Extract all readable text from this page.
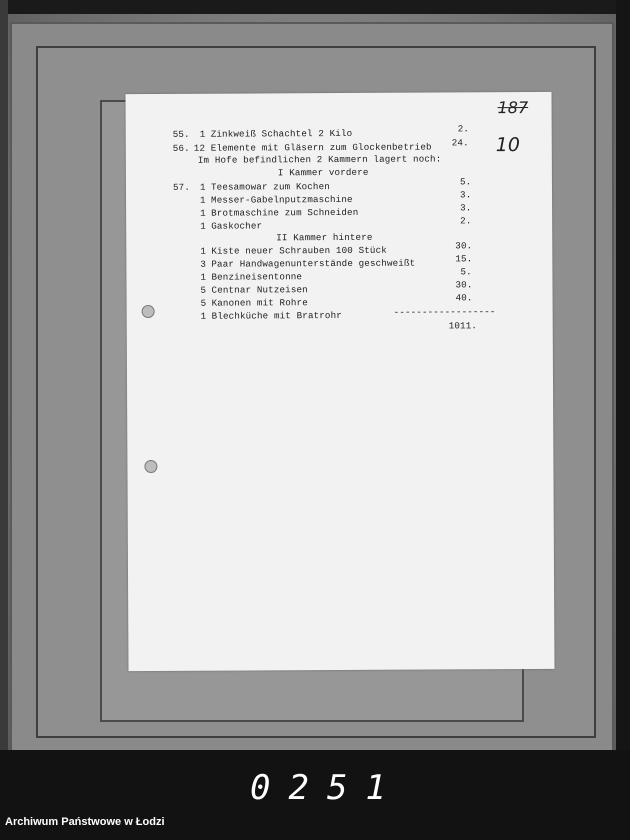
55. 1 Zinkweiß Schachtel 2 Kilo	2.
56. 12 Elemente mit Gläsern zum Glockenbetrieb 24.
Im Hofe befindlichen 2 Kammern lagert noch:
I Kammer vordere
57. 1 Teesamowar zum Kochen	5.
1 Messer-Gabelnputzmaschine	3.
1 Brotmaschine zum Schneiden	3.
1 Gaskocher	2.
II Kammer hintere
1 Kiste neuer Schrauben 100 Stück	30.
3 Paar Handwagenunterstände geschweißt	15.
1 Benzineisentonne	5.
5 Centnar Nutzeisen	30.
5 Kanonen mit Rohre	40.
1 Blechküche mit Bratrohr	------------------
1011.
187
10
0251
Archiwum Państwowe w Łodzi
